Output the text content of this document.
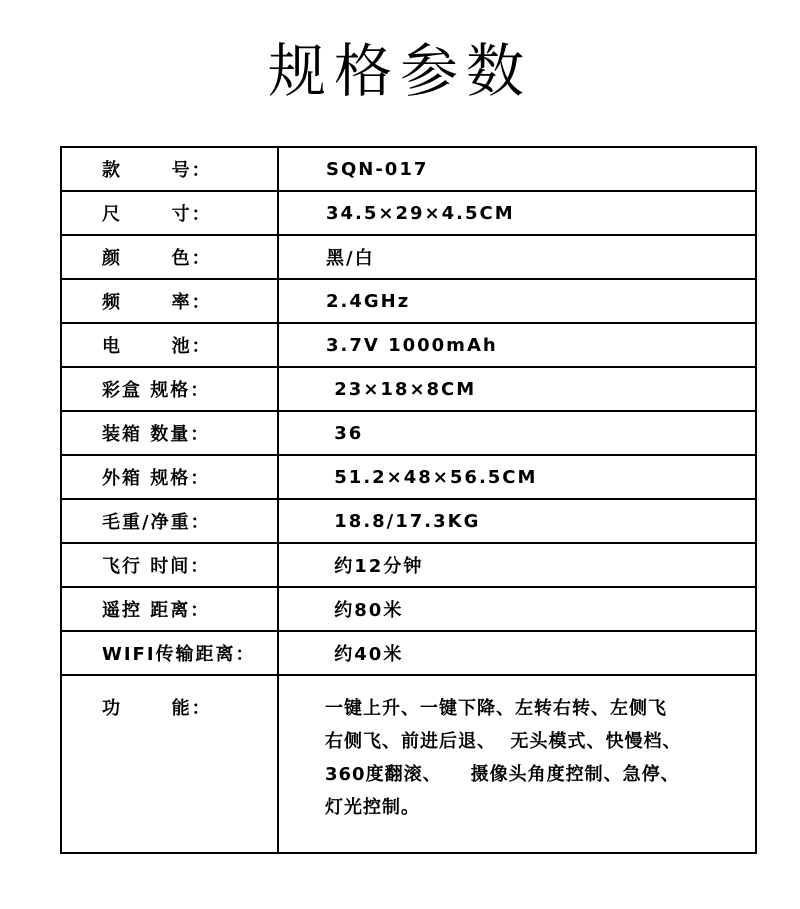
规格参数
款      号：	SQN-017
尺      寸：	34.5×29×4.5CM
颜      色：	黑/白
频      率：	2.4GHz
电      池：	3.7V 1000mAh
彩盒 规格：	23×18×8CM
装箱 数量：	36
外箱 规格：	51.2×48×56.5CM
毛重/净重：	18.8/17.3KG
飞行 时间：	约12分钟
遥控 距离：	约80米
WIFI传输距离：	约40米
功      能：	一键上升、一键下降、左转右转、左侧飞
右侧飞、前进后退、  无头模式、快慢档、
360度翻滚、    摄像头角度控制、急停、
灯光控制。
